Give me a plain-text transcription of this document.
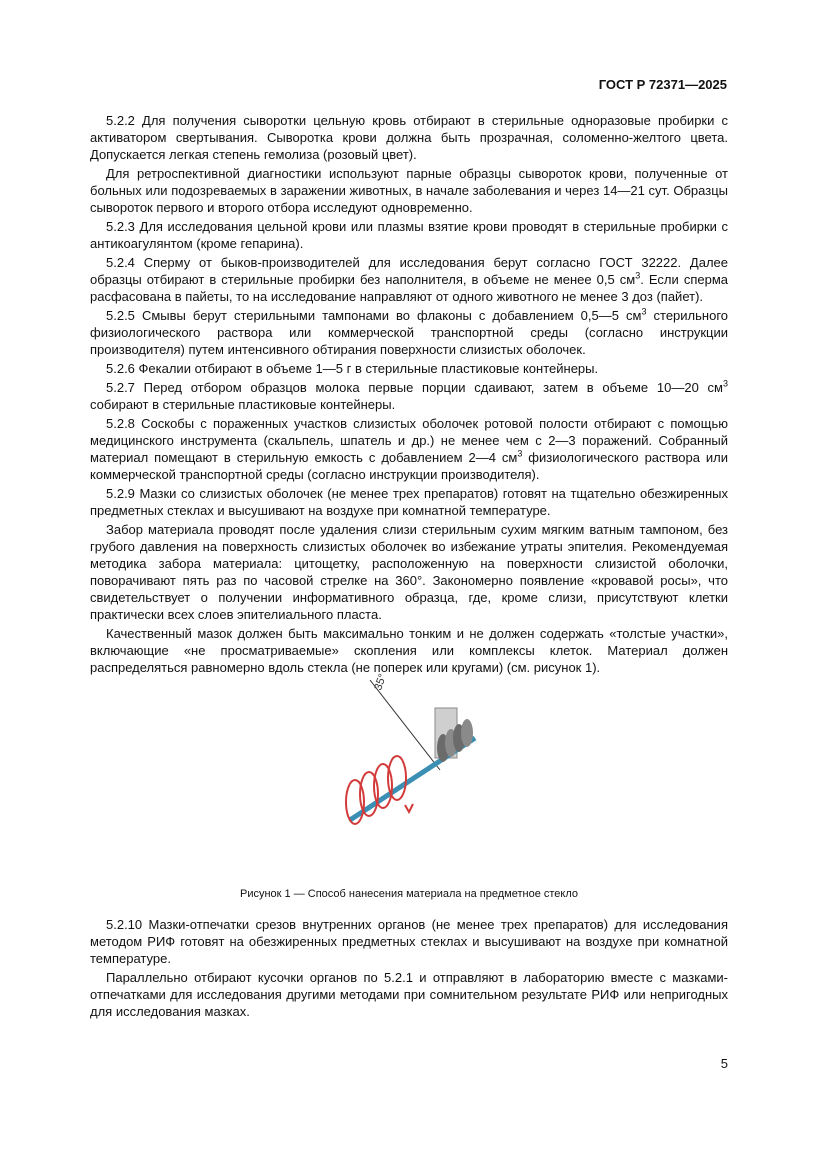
ГОСТ Р 72371—2025

5.2.2 Для получения сыворотки цельную кровь отбирают в стерильные одноразовые пробирки с активатором свертывания. Сыворотка крови должна быть прозрачная, соломенно-желтого цвета. Допускается легкая степень гемолиза (розовый цвет).

Для ретроспективной диагностики используют парные образцы сывороток крови, полученные от больных или подозреваемых в заражении животных, в начале заболевания и через 14—21 сут. Образцы сывороток первого и второго отбора исследуют одновременно.

5.2.3 Для исследования цельной крови или плазмы взятие крови проводят в стерильные пробирки с антикоагулянтом (кроме гепарина).

5.2.4 Сперму от быков-производителей для исследования берут согласно ГОСТ 32222. Далее образцы отбирают в стерильные пробирки без наполнителя, в объеме не менее 0,5 $см^3$. Если сперма расфасована в пайеты, то на исследование направляют от одного животного не менее 3 доз (пайет).

5.2.5 Смывы берут стерильными тампонами во флаконы с добавлением 0,5—5 $см^3$ стерильного физиологического раствора или коммерческой транспортной среды (согласно инструкции производителя) путем интенсивного обтирания поверхности слизистых оболочек.

5.2.6 Фекалии отбирают в объеме 1—5 г в стерильные пластиковые контейнеры.

5.2.7 Перед отбором образцов молока первые порции сдаивают, затем в объеме 10—20 $см^3$ собирают в стерильные пластиковые контейнеры.

5.2.8 Соскобы с пораженных участков слизистых оболочек ротовой полости отбирают с помощью медицинского инструмента (скальпель, шпатель и др.) не менее чем с 2—3 поражений. Собранный материал помещают в стерильную емкость с добавлением 2—4 $см^3$ физиологического раствора или коммерческой транспортной среды (согласно инструкции производителя).

5.2.9 Мазки со слизистых оболочек (не менее трех препаратов) готовят на тщательно обезжиренных предметных стеклах и высушивают на воздухе при комнатной температуре.

Забор материала проводят после удаления слизи стерильным сухим мягким ватным тампоном, без грубого давления на поверхность слизистых оболочек во избежание утраты эпителия. Рекомендуемая методика забора материала: цитощетку, расположенную на поверхности слизистой оболочки, поворачивают пять раз по часовой стрелке на 360°. Закономерно появление «кровавой росы», что свидетельствует о получении информативного образца, где, кроме слизи, присутствуют клетки практически всех слоев эпителиального пласта.

Качественный мазок должен быть максимально тонким и не должен содержать «толстые участки», включающие «не просматриваемые» скопления или комплексы клеток. Материал должен распределяться равномерно вдоль стекла (не поперек или кругами) (см. рисунок 1).

35°
Рисунок 1 — Способ нанесения материала на предметное стекло

5.2.10 Мазки-отпечатки срезов внутренних органов (не менее трех препаратов) для исследования методом РИФ готовят на обезжиренных предметных стеклах и высушивают на воздухе при комнатной температуре.

Параллельно отбирают кусочки органов по 5.2.1 и отправляют в лабораторию вместе с мазками-отпечатками для исследования другими методами при сомнительном результате РИФ или непригодных для исследования мазках.

5
